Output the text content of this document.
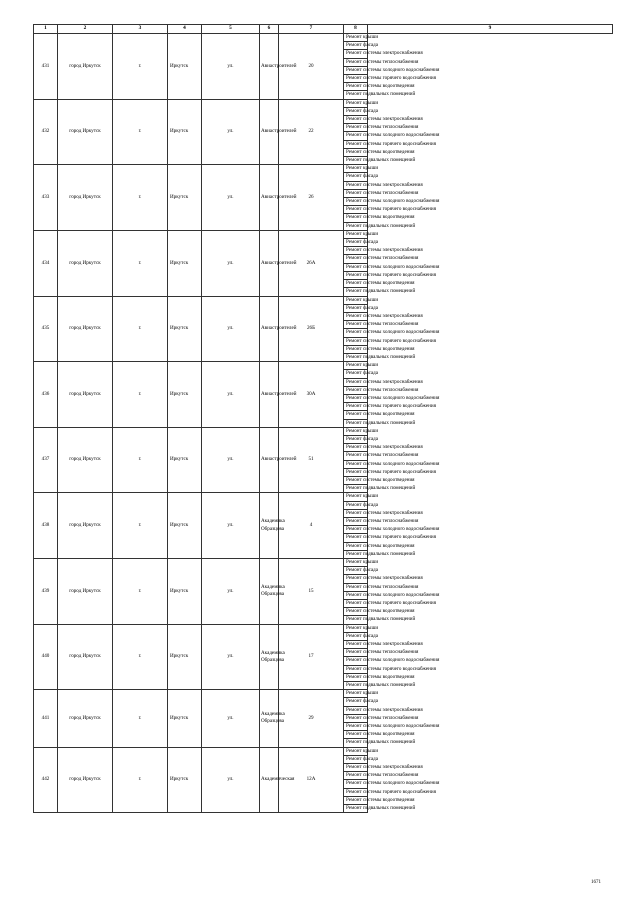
1	2	3	4	5	6	7	8	9
431	город Иркутск	г.	Иркутск	ул.	Авиастроителей	20	Ремонт крыши	
							Ремонт фасада	
							Ремонт системы электроснабжения	
							Ремонт системы теплоснабжения	
							Ремонт системы холодного водоснабжения	
							Ремонт системы горячего водоснабжения	
							Ремонт системы водоотведения	
							Ремонт подвальных помещений	
432	город Иркутск	г.	Иркутск	ул.	Авиастроителей	22	Ремонт крыши	
							Ремонт фасада	
							Ремонт системы электроснабжения	
							Ремонт системы теплоснабжения	
							Ремонт системы холодного водоснабжения	
							Ремонт системы горячего водоснабжения	
							Ремонт системы водоотведения	
							Ремонт подвальных помещений	
433	город Иркутск	г.	Иркутск	ул.	Авиастроителей	26	Ремонт крыши	
							Ремонт фасада	
							Ремонт системы электроснабжения	
							Ремонт системы теплоснабжения	
							Ремонт системы холодного водоснабжения	
							Ремонт системы горячего водоснабжения	
							Ремонт системы водоотведения	
							Ремонт подвальных помещений	
434	город Иркутск	г.	Иркутск	ул.	Авиастроителей	26А	Ремонт крыши	
							Ремонт фасада	
							Ремонт системы электроснабжения	
							Ремонт системы теплоснабжения	
							Ремонт системы холодного водоснабжения	
							Ремонт системы горячего водоснабжения	
							Ремонт системы водоотведения	
							Ремонт подвальных помещений	
435	город Иркутск	г.	Иркутск	ул.	Авиастроителей	26Б	Ремонт крыши	
							Ремонт фасада	
							Ремонт системы электроснабжения	
							Ремонт системы теплоснабжения	
							Ремонт системы холодного водоснабжения	
							Ремонт системы горячего водоснабжения	
							Ремонт системы водоотведения	
							Ремонт подвальных помещений	
436	город Иркутск	г.	Иркутск	ул.	Авиастроителей	30А	Ремонт крыши	
							Ремонт фасада	
							Ремонт системы электроснабжения	
							Ремонт системы теплоснабжения	
							Ремонт системы холодного водоснабжения	
							Ремонт системы горячего водоснабжения	
							Ремонт системы водоотведения	
							Ремонт подвальных помещений	
437	город Иркутск	г.	Иркутск	ул.	Авиастроителей	51	Ремонт крыши	
							Ремонт фасада	
							Ремонт системы электроснабжения	
							Ремонт системы теплоснабжения	
							Ремонт системы холодного водоснабжения	
							Ремонт системы горячего водоснабжения	
							Ремонт системы водоотведения	
							Ремонт подвальных помещений	
438	город Иркутск	г.	Иркутск	ул.	Академика Образцова	4	Ремонт крыши	
							Ремонт фасада	
							Ремонт системы электроснабжения	
							Ремонт системы теплоснабжения	
							Ремонт системы холодного водоснабжения	
							Ремонт системы горячего водоснабжения	
							Ремонт системы водоотведения	
							Ремонт подвальных помещений	
439	город Иркутск	г.	Иркутск	ул.	Академика Образцова	15	Ремонт крыши	
							Ремонт фасада	
							Ремонт системы электроснабжения	
							Ремонт системы теплоснабжения	
							Ремонт системы холодного водоснабжения	
							Ремонт системы горячего водоснабжения	
							Ремонт системы водоотведения	
							Ремонт подвальных помещений	
440	город Иркутск	г.	Иркутск	ул.	Академика Образцова	17	Ремонт крыши	
							Ремонт фасада	
							Ремонт системы электроснабжения	
							Ремонт системы теплоснабжения	
							Ремонт системы холодного водоснабжения	
							Ремонт системы горячего водоснабжения	
							Ремонт системы водоотведения	
							Ремонт подвальных помещений	
441	город Иркутск	г.	Иркутск	ул.	Академика Образцова	29	Ремонт крыши	
							Ремонт фасада	
							Ремонт системы электроснабжения	
							Ремонт системы теплоснабжения	
							Ремонт системы холодного водоснабжения	
							Ремонт системы водоотведения	
							Ремонт подвальных помещений	
442	город Иркутск	г.	Иркутск	ул.	Академическая	12А	Ремонт крыши	
							Ремонт фасада	
							Ремонт системы электроснабжения	
							Ремонт системы теплоснабжения	
							Ремонт системы холодного водоснабжения	
							Ремонт системы горячего водоснабжения	
							Ремонт системы водоотведения	
							Ремонт подвальных помещений	
1671
